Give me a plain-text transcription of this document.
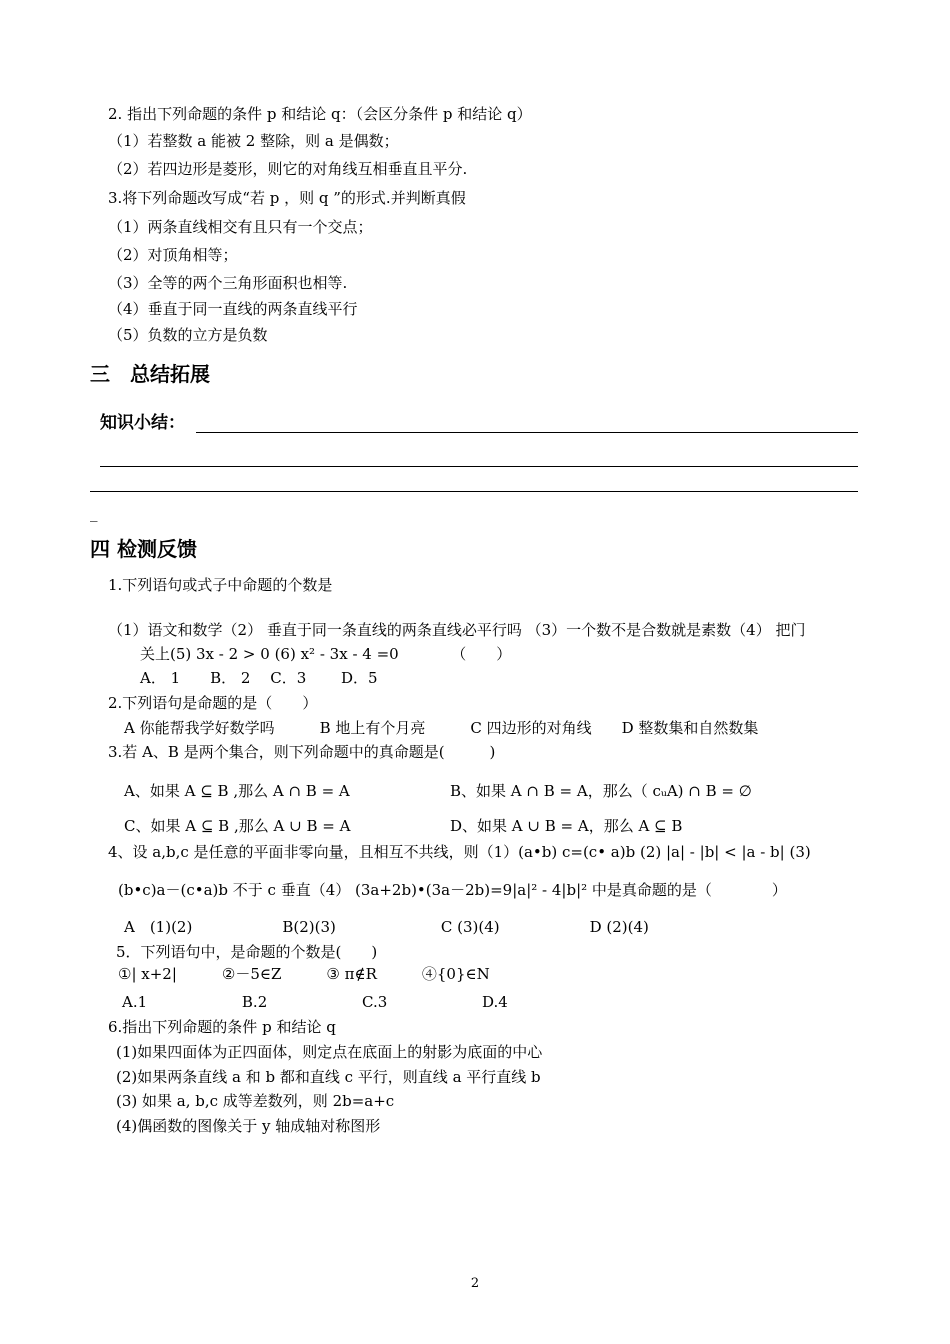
2. 指出下列命题的条件 p 和结论 q：（会区分条件 p 和结论 q）
（1）若整数 a 能被 2 整除，则 a 是偶数；
（2）若四边形是菱形，则它的对角线互相垂直且平分.
3.将下列命题改写成“若 p ，则 q ”的形式.并判断真假
（1）两条直线相交有且只有一个交点；
（2）对顶角相等；
（3）全等的两个三角形面积也相等.
（4）垂直于同一直线的两条直线平行
（5）负数的立方是负数
三　总结拓展
知识小结：
_
四 检测反馈
1.下列语句或式子中命题的个数是
（1）语文和数学（2） 垂直于同一条直线的两条直线必平行吗 （3）一个数不是合数就是素数（4） 把门
关上(5) 3x - 2 > 0 (6) x² - 3x - 4 =0　　　　（　　）
A． 1　　B． 2　 C．3　　 D．5
2.下列语句是命题的是（　　）
A 你能帮我学好数学吗　　　B 地上有个月亮　　　C 四边形的对角线　　D 整数集和自然数集
3.若 A、B 是两个集合，则下列命题中的真命题是(　　　)
A、如果 A ⊆ B ,那么 A ∩ B = A	B、如果 A ∩ B = A，那么（ cᵤA) ∩ B = ∅
C、如果 A ⊆ B ,那么 A ∪ B = A	D、如果 A ∪ B = A，那么 A ⊆ B
4、设 a,b,c 是任意的平面非零向量，且相互不共线，则（1）(a•b) c=(c• a)b (2) |a| - |b| < |a - b| (3)
(b•c)a－(c•a)b 不于 c 垂直（4） (3a+2b)•(3a－2b)=9|a|² - 4|b|² 中是真命题的是（　　　　）
A　(1)(2)　　　　　　B(2)(3)　　　　　　　C (3)(4)　　　　　　D (2)(4)
5．下列语句中，是命题的个数是(　　)
①| x+2|　　　②－5∈Z　　　③ π∉R　　　④{0}∈N
A.1　　　　　　 B.2　　　　　　 C.3　　　　　　 D.4
6.指出下列命题的条件 p 和结论 q
(1)如果四面体为正四面体，则定点在底面上的射影为底面的中心
(2)如果两条直线 a 和 b 都和直线 c 平行，则直线 a 平行直线 b
(3) 如果 a, b,c 成等差数列，则 2b=a+c
(4)偶函数的图像关于 y 轴成轴对称图形
2
